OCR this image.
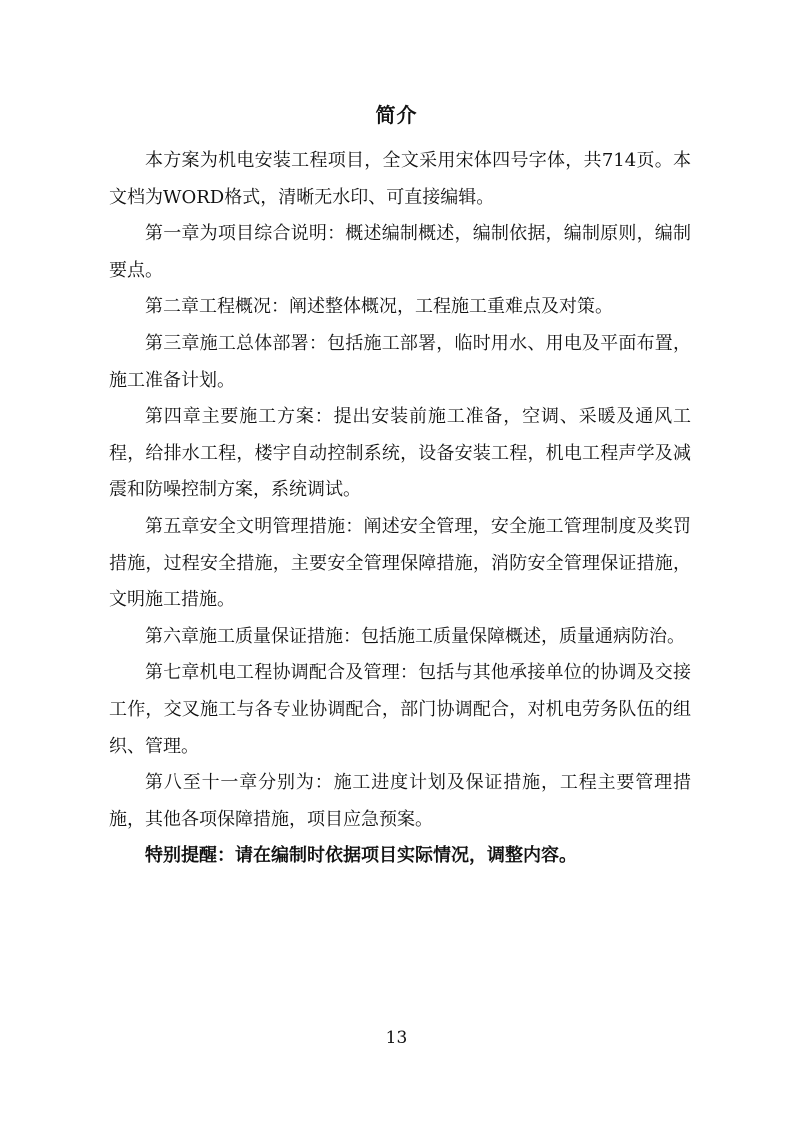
简介

本方案为机电安装工程项目，全文采用宋体四号字体，共714页。本文档为WORD格式，清晰无水印、可直接编辑。

第一章为项目综合说明：概述编制概述，编制依据，编制原则，编制要点。

第二章工程概况：阐述整体概况，工程施工重难点及对策。

第三章施工总体部署：包括施工部署，临时用水、用电及平面布置，施工准备计划。

第四章主要施工方案：提出安装前施工准备，空调、采暖及通风工程，给排水工程，楼宇自动控制系统，设备安装工程，机电工程声学及减震和防噪控制方案，系统调试。

第五章安全文明管理措施：阐述安全管理，安全施工管理制度及奖罚措施，过程安全措施，主要安全管理保障措施，消防安全管理保证措施，文明施工措施。

第六章施工质量保证措施：包括施工质量保障概述，质量通病防治。

第七章机电工程协调配合及管理：包括与其他承接单位的协调及交接工作，交叉施工与各专业协调配合，部门协调配合，对机电劳务队伍的组织、管理。

第八至十一章分别为：施工进度计划及保证措施，工程主要管理措施，其他各项保障措施，项目应急预案。

特别提醒：请在编制时依据项目实际情况，调整内容。

13
